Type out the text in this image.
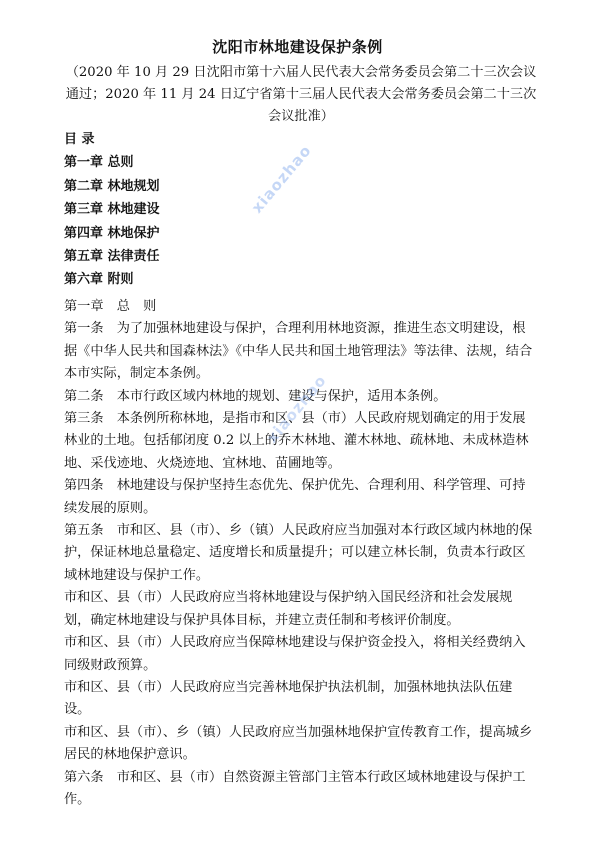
沈阳市林地建设保护条例
（2020 年 10 月 29 日沈阳市第十六届人民代表大会常务委员会第二十三次会议通过；2020 年 11 月 24 日辽宁省第十三届人民代表大会常务委员会第二十三次会议批准）
目 录
第一章 总则
第二章 林地规划
第三章 林地建设
第四章 林地保护
第五章 法律责任
第六章 附则

第一章　总　则

第一条　为了加强林地建设与保护，合理利用林地资源，推进生态文明建设，根据《中华人民共和国森林法》《中华人民共和国土地管理法》等法律、法规，结合本市实际，制定本条例。

第二条　本市行政区域内林地的规划、建设与保护，适用本条例。

第三条　本条例所称林地，是指市和区、县（市）人民政府规划确定的用于发展林业的土地。包括郁闭度 0.2 以上的乔木林地、灌木林地、疏林地、未成林造林地、采伐迹地、火烧迹地、宜林地、苗圃地等。

第四条　林地建设与保护坚持生态优先、保护优先、合理利用、科学管理、可持续发展的原则。

第五条　市和区、县（市）、乡（镇）人民政府应当加强对本行政区域内林地的保护，保证林地总量稳定、适度增长和质量提升；可以建立林长制，负责本行政区域林地建设与保护工作。

市和区、县（市）人民政府应当将林地建设与保护纳入国民经济和社会发展规划，确定林地建设与保护具体目标，并建立责任制和考核评价制度。

市和区、县（市）人民政府应当保障林地建设与保护资金投入，将相关经费纳入同级财政预算。

市和区、县（市）人民政府应当完善林地保护执法机制，加强林地执法队伍建设。

市和区、县（市）、乡（镇）人民政府应当加强林地保护宣传教育工作，提高城乡居民的林地保护意识。

第六条　市和区、县（市）自然资源主管部门主管本行政区域林地建设与保护工作。

xiaozhao
xiaozhao
